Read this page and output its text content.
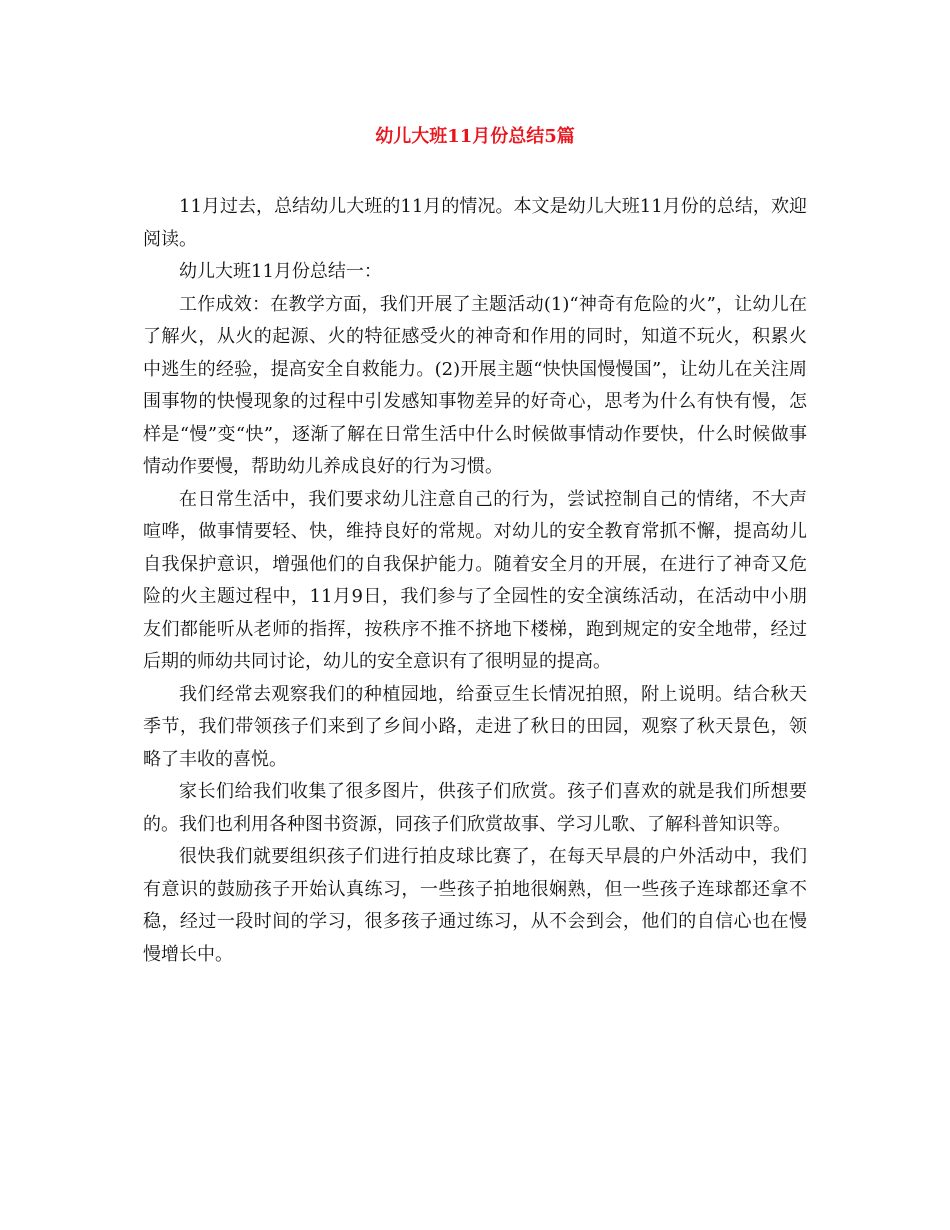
幼儿大班11月份总结5篇

11月过去，总结幼儿大班的11月的情况。本文是幼儿大班11月份的总结，欢迎阅读。

幼儿大班11月份总结一：

工作成效：在教学方面，我们开展了主题活动(1)“神奇有危险的火”，让幼儿在了解火，从火的起源、火的特征感受火的神奇和作用的同时，知道不玩火，积累火中逃生的经验，提高安全自救能力。(2)开展主题“快快国慢慢国”，让幼儿在关注周围事物的快慢现象的过程中引发感知事物差异的好奇心，思考为什么有快有慢，怎样是“慢”变“快”，逐渐了解在日常生活中什么时候做事情动作要快，什么时候做事情动作要慢，帮助幼儿养成良好的行为习惯。

在日常生活中，我们要求幼儿注意自己的行为，尝试控制自己的情绪，不大声喧哗，做事情要轻、快，维持良好的常规。对幼儿的安全教育常抓不懈，提高幼儿自我保护意识，增强他们的自我保护能力。随着安全月的开展，在进行了神奇又危险的火主题过程中，11月9日，我们参与了全园性的安全演练活动，在活动中小朋友们都能听从老师的指挥，按秩序不推不挤地下楼梯，跑到规定的安全地带，经过后期的师幼共同讨论，幼儿的安全意识有了很明显的提高。

我们经常去观察我们的种植园地，给蚕豆生长情况拍照，附上说明。结合秋天季节，我们带领孩子们来到了乡间小路，走进了秋日的田园，观察了秋天景色，领略了丰收的喜悦。

家长们给我们收集了很多图片，供孩子们欣赏。孩子们喜欢的就是我们所想要的。我们也利用各种图书资源，同孩子们欣赏故事、学习儿歌、了解科普知识等。

很快我们就要组织孩子们进行拍皮球比赛了，在每天早晨的户外活动中，我们有意识的鼓励孩子开始认真练习，一些孩子拍地很娴熟，但一些孩子连球都还拿不稳，经过一段时间的学习，很多孩子通过练习，从不会到会，他们的自信心也在慢慢增长中。
